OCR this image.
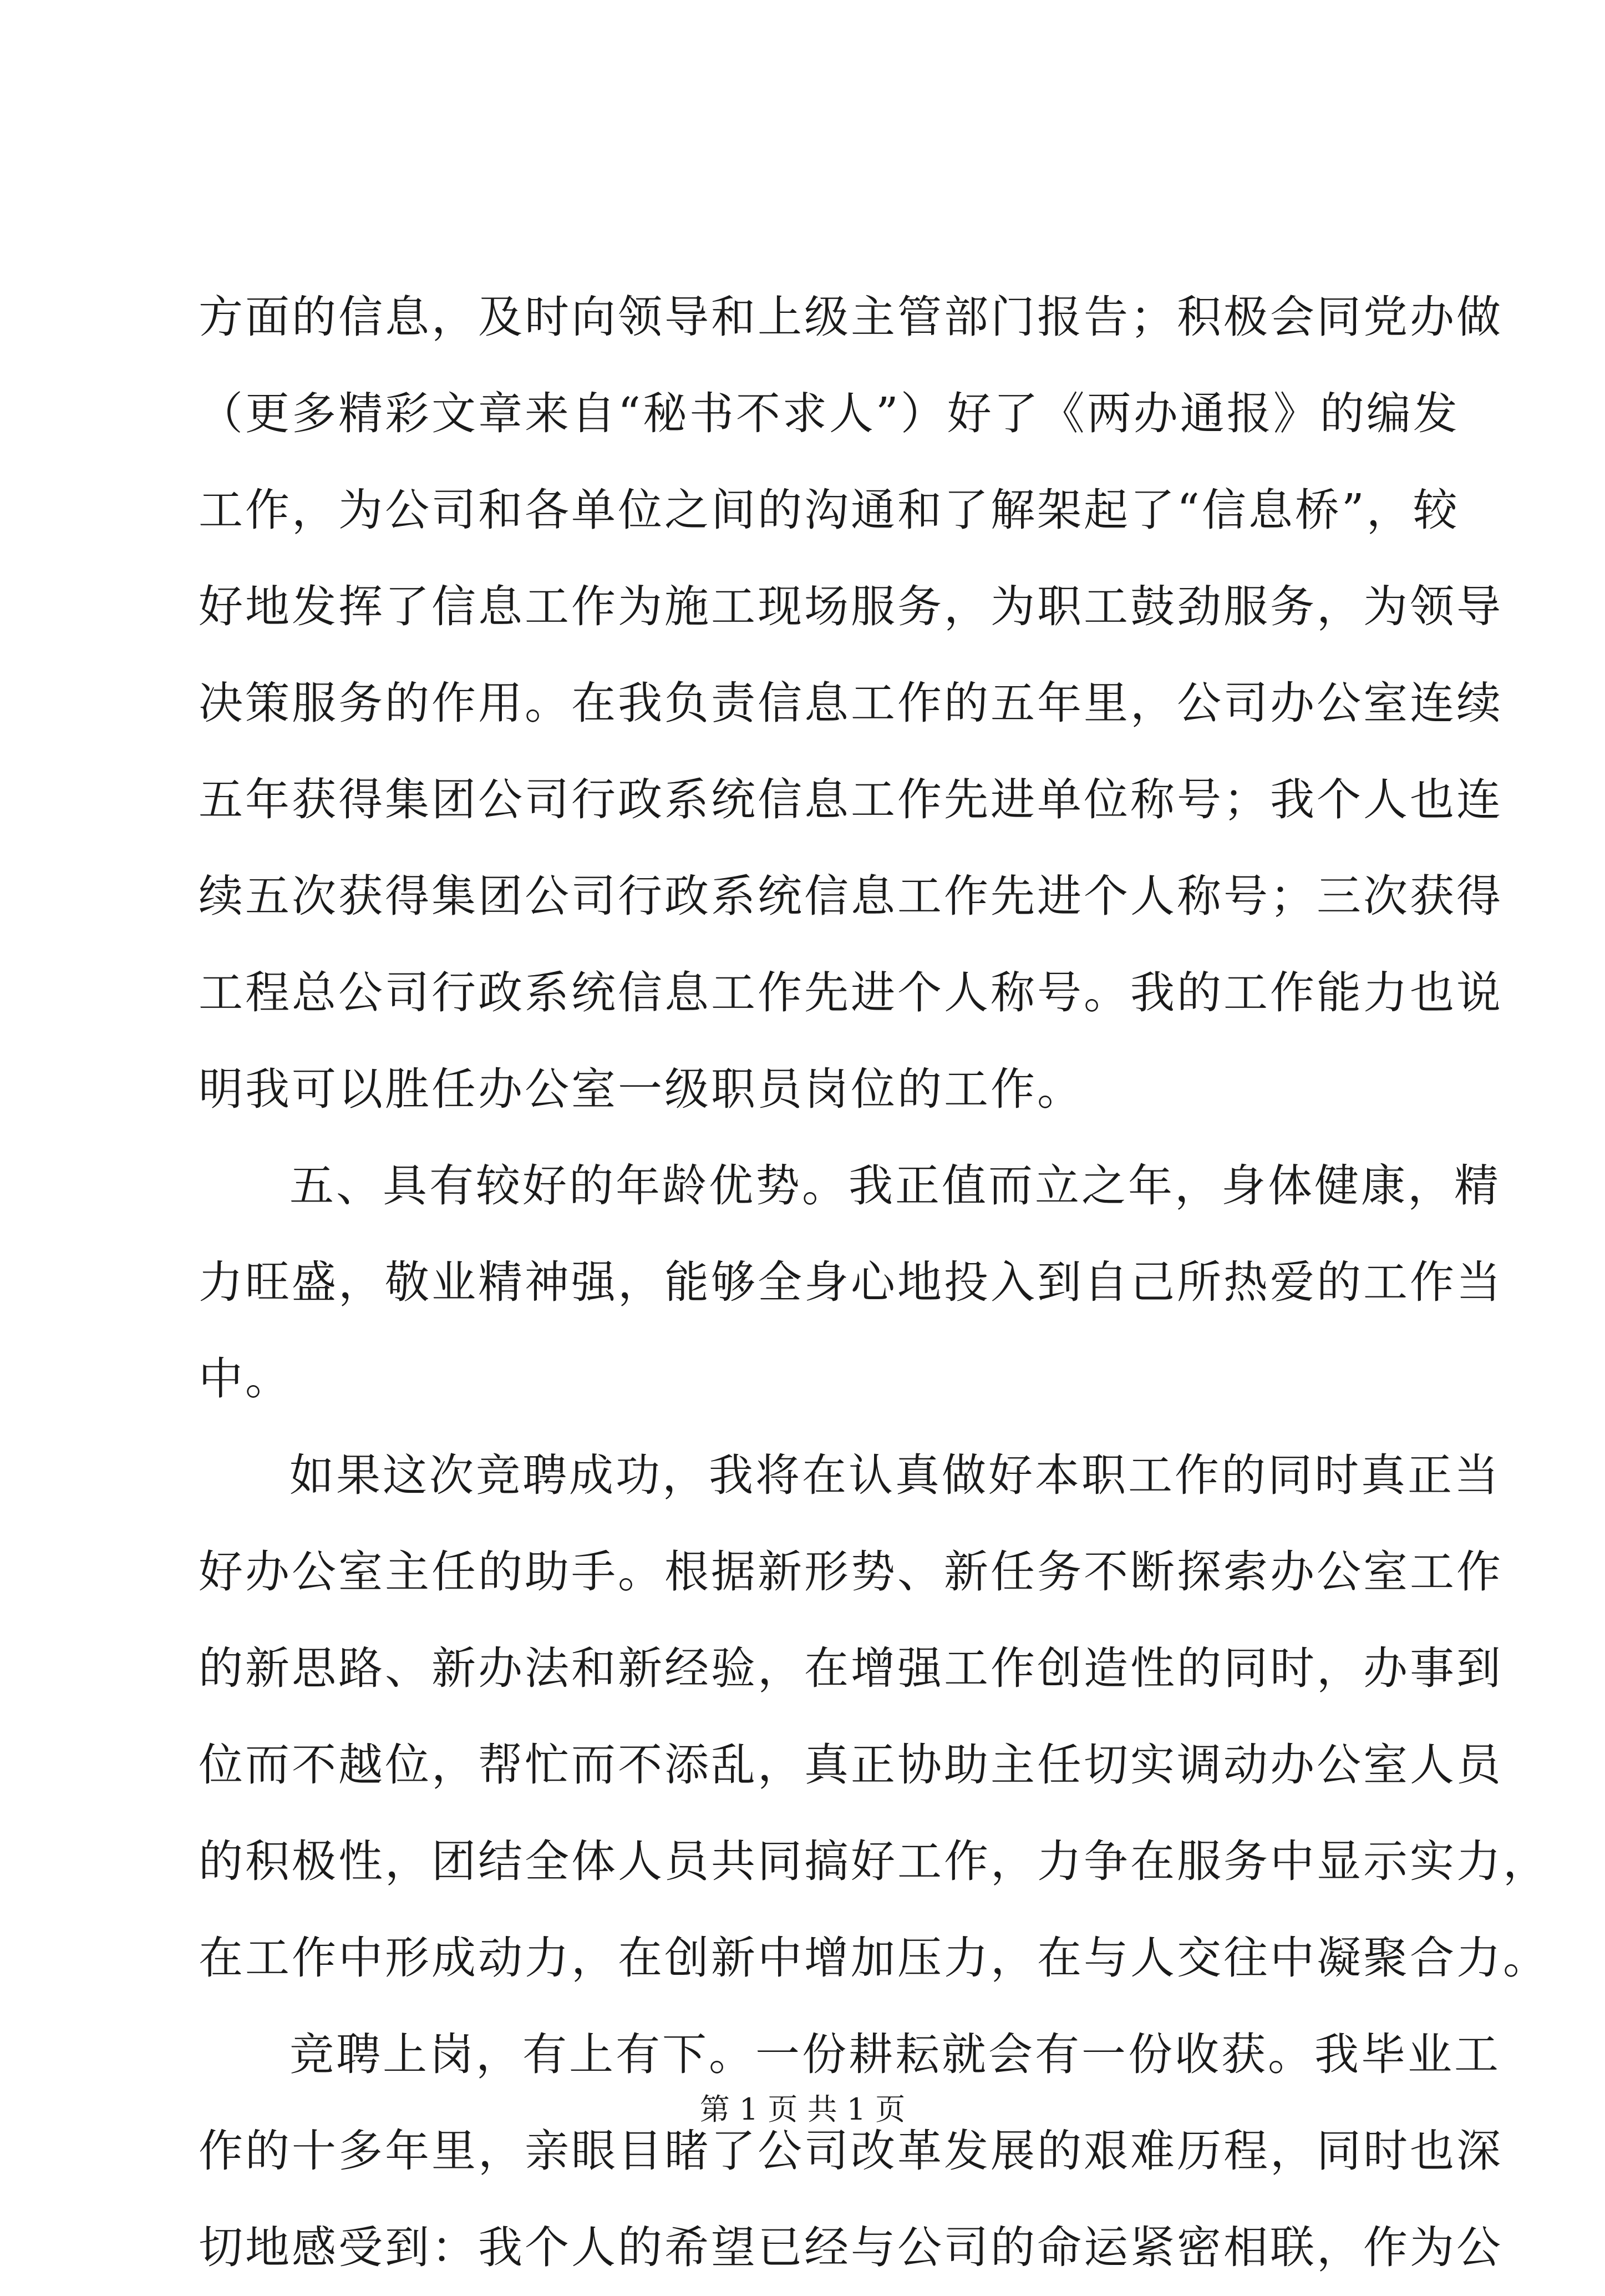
方面的信息，及时向领导和上级主管部门报告；积极会同党办做
（更多精彩文章来自“秘书不求人”）好了《两办通报》的编发
工作，为公司和各单位之间的沟通和了解架起了“信息桥”，较
好地发挥了信息工作为施工现场服务，为职工鼓劲服务，为领导
决策服务的作用。在我负责信息工作的五年里，公司办公室连续
五年获得集团公司行政系统信息工作先进单位称号；我个人也连
续五次获得集团公司行政系统信息工作先进个人称号；三次获得
工程总公司行政系统信息工作先进个人称号。我的工作能力也说
明我可以胜任办公室一级职员岗位的工作。
五、具有较好的年龄优势。我正值而立之年，身体健康，精
力旺盛，敬业精神强，能够全身心地投入到自己所热爱的工作当
中。
如果这次竞聘成功，我将在认真做好本职工作的同时真正当
好办公室主任的助手。根据新形势、新任务不断探索办公室工作
的新思路、新办法和新经验，在增强工作创造性的同时，办事到
位而不越位，帮忙而不添乱，真正协助主任切实调动办公室人员
的积极性，团结全体人员共同搞好工作，力争在服务中显示实力，
在工作中形成动力，在创新中增加压力，在与人交往中凝聚合力。
竞聘上岗，有上有下。一份耕耘就会有一份收获。我毕业工
作的十多年里，亲眼目睹了公司改革发展的艰难历程，同时也深
切地感受到：我个人的希望已经与公司的命运紧密相联，作为公
第 1 页 共 1 页
